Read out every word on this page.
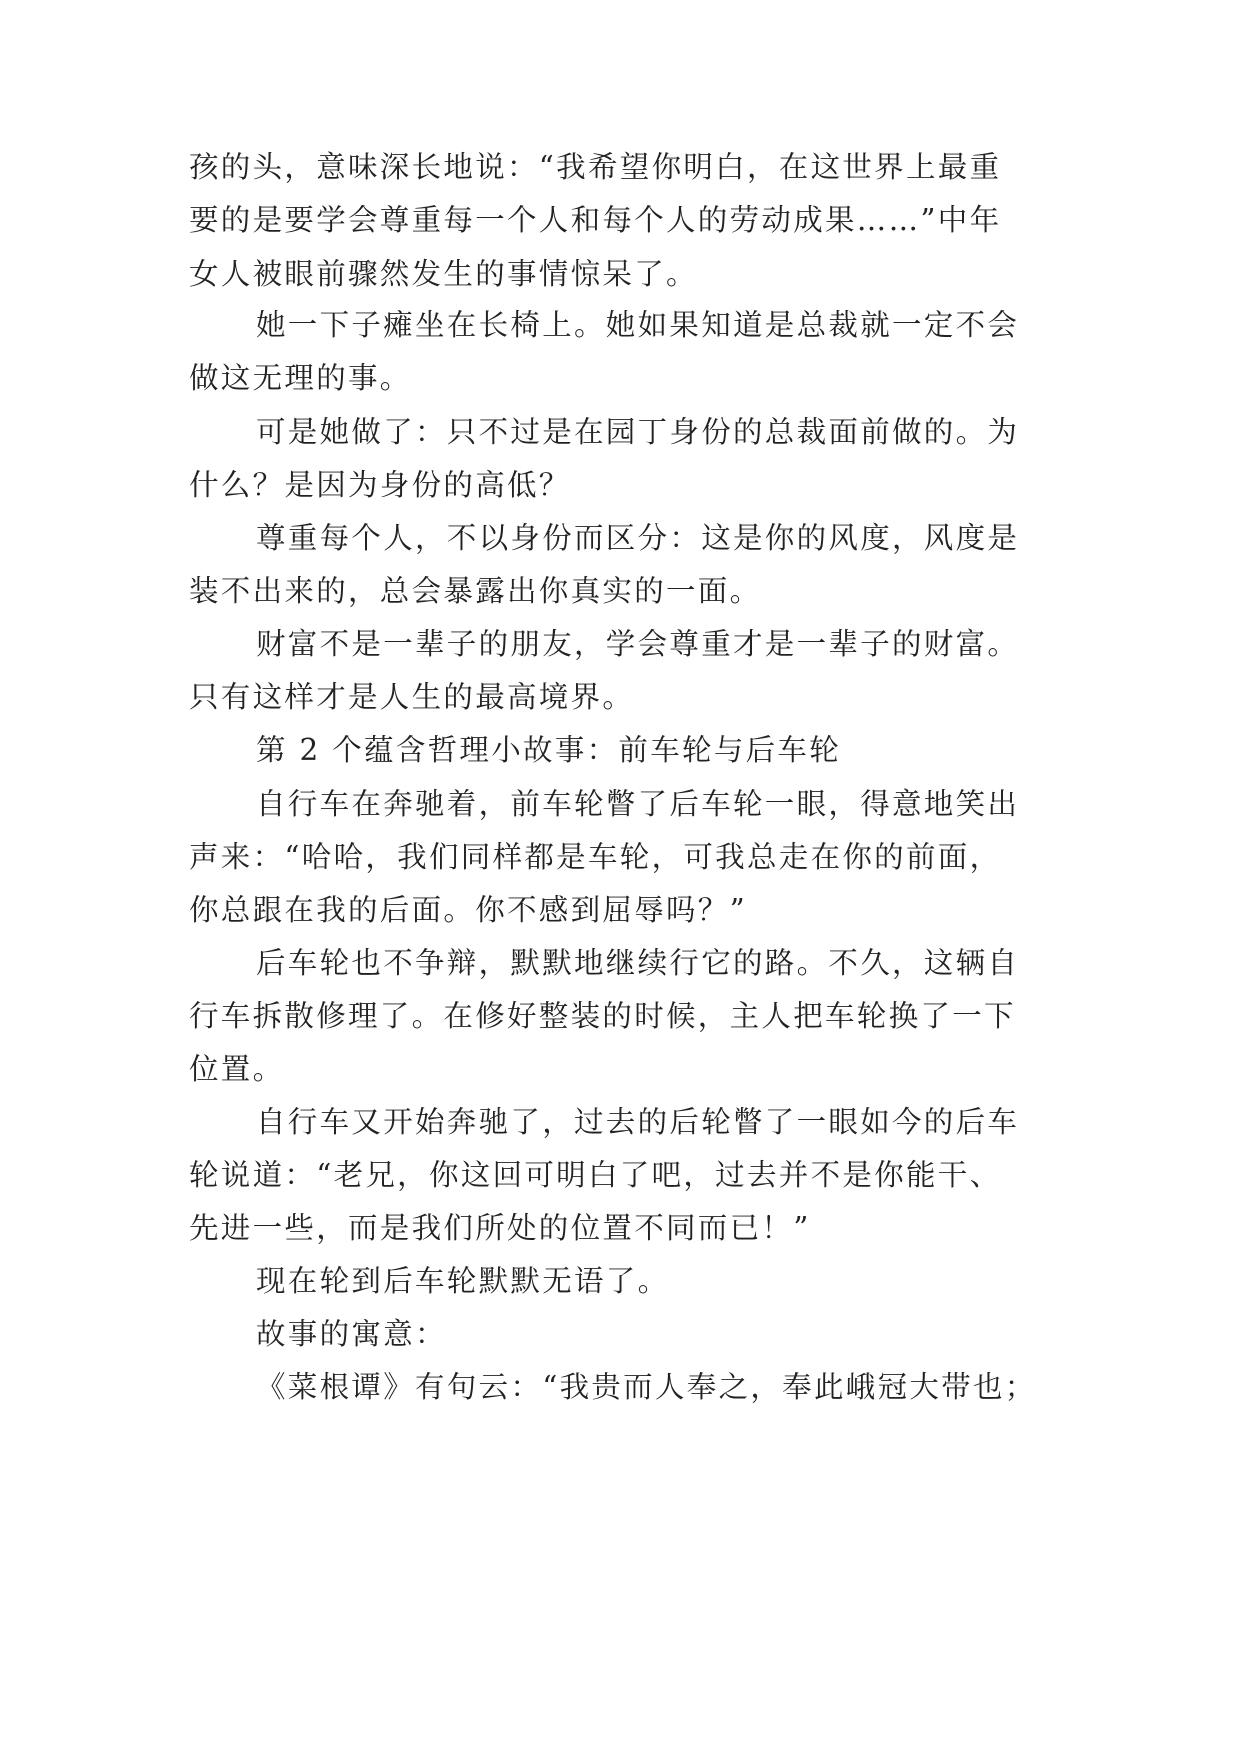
孩的头，意味深长地说：“我希望你明白，在这世界上最重

要的是要学会尊重每一个人和每个人的劳动成果……”中年

女人被眼前骤然发生的事情惊呆了。

她一下子瘫坐在长椅上。她如果知道是总裁就一定不会

做这无理的事。

可是她做了：只不过是在园丁身份的总裁面前做的。为

什么？是因为身份的高低？

尊重每个人，不以身份而区分：这是你的风度，风度是

装不出来的，总会暴露出你真实的一面。

财富不是一辈子的朋友，学会尊重才是一辈子的财富。

只有这样才是人生的最高境界。

第 2 个蕴含哲理小故事：前车轮与后车轮

自行车在奔驰着，前车轮瞥了后车轮一眼，得意地笑出

声来：“哈哈，我们同样都是车轮，可我总走在你的前面，

你总跟在我的后面。你不感到屈辱吗？”

后车轮也不争辩，默默地继续行它的路。不久，这辆自

行车拆散修理了。在修好整装的时候，主人把车轮换了一下

位置。

自行车又开始奔驰了，过去的后轮瞥了一眼如今的后车

轮说道：“老兄，你这回可明白了吧，过去并不是你能干、

先进一些，而是我们所处的位置不同而已！”

现在轮到后车轮默默无语了。

故事的寓意：

《菜根谭》有句云：“我贵而人奉之，奉此峨冠大带也；
